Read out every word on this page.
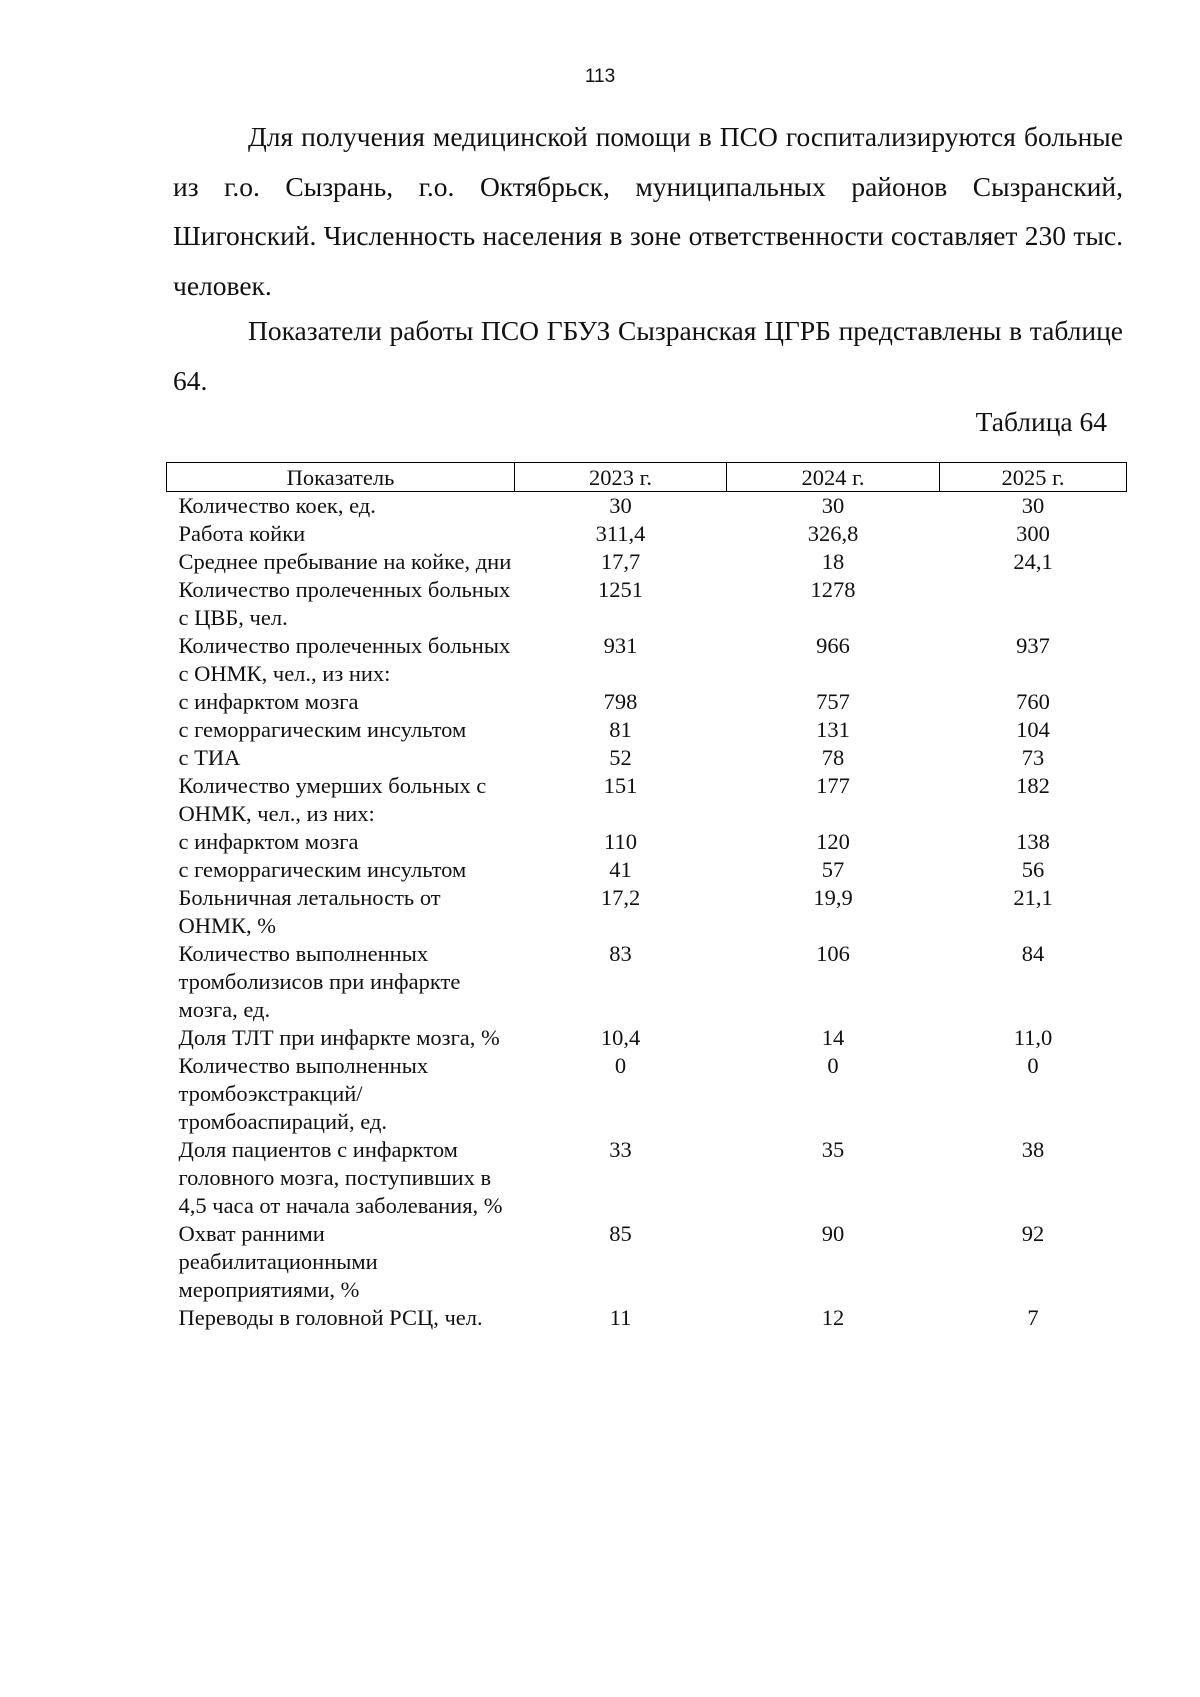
113

Для получения медицинской помощи в ПСО госпитализируются больные из г.о. Сызрань, г.о. Октябрьск, муниципальных районов Сызранский, Шигонский. Численность населения в зоне ответственности составляет 230 тыс. человек.

Показатели работы ПСО ГБУЗ Сызранская ЦГРБ представлены в таблице 64.

Таблица 64
Показатель	2023 г.	2024 г.	2025 г.
Количество коек, ед.	30	30	30
Работа койки	311,4	326,8	300
Среднее пребывание на койке, дни	17,7	18	24,1
Количество пролеченных больных с ЦВБ, чел.	1251	1278	
Количество пролеченных больных с ОНМК, чел., из них:	931	966	937
с инфарктом мозга	798	757	760
с геморрагическим инсультом	81	131	104
с ТИА	52	78	73
Количество умерших больных с ОНМК, чел., из них:	151	177	182
с инфарктом мозга	110	120	138
с геморрагическим инсультом	41	57	56
Больничная летальность от ОНМК, %	17,2	19,9	21,1
Количество выполненных тромболизисов при инфаркте мозга, ед.	83	106	84
Доля ТЛТ при инфаркте мозга, %	10,4	14	11,0
Количество выполненных тромбоэкстракций/ тромбоаспираций, ед.	0	0	0
Доля пациентов с инфарктом головного мозга, поступивших в 4,5 часа от начала заболевания, %	33	35	38
Охват ранними реабилитационными мероприятиями, %	85	90	92
Переводы в головной РСЦ, чел.	11	12	7
